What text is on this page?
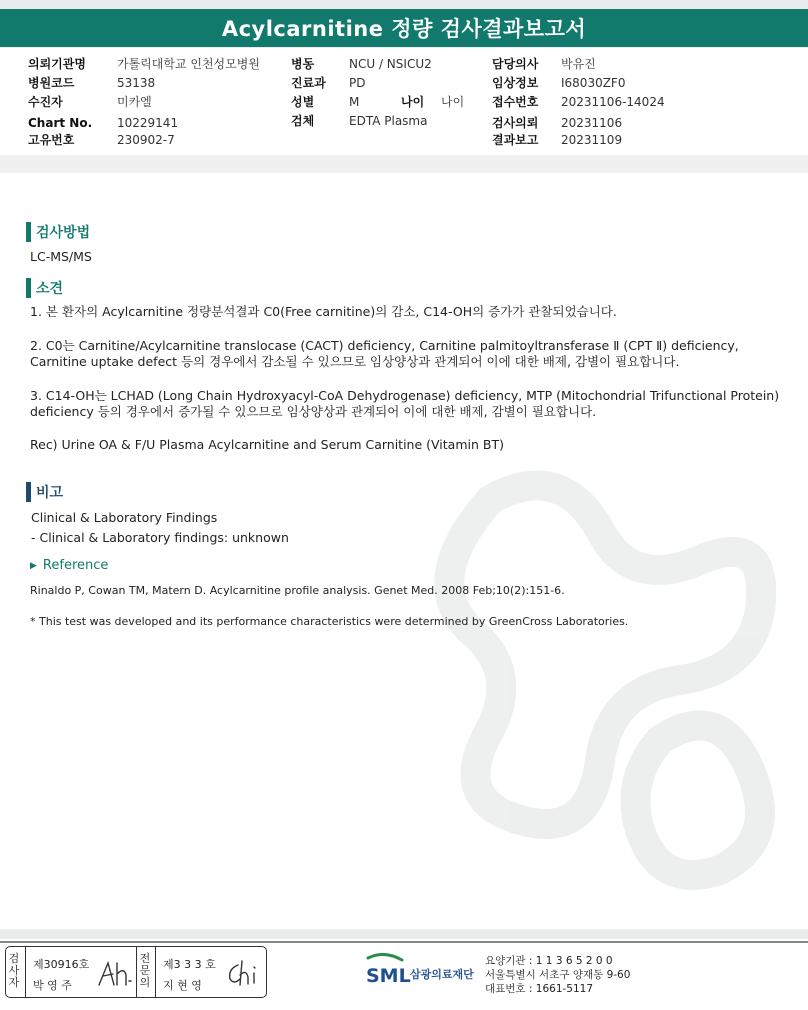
Acylcarnitine 정량 검사결과보고서
의뢰기관명	가톨릭대학교 인천성모병원
병원코드	53138
수진자	미카엘
Chart No. 10229141
고유번호	230902-7
병동	NCU / NSICU2
진료과 PD
성별	M	나이 나이
검체	EDTA Plasma
담당의사 박유진
임상정보 I68030ZF0
접수번호 20231106-14024
검사의뢰 20231106
결과보고 20231109
검사방법
LC-MS/MS
소견
1. 본 환자의 Acylcarnitine 정량분석결과 C0(Free carnitine)의 감소, C14-OH의 증가가 관찰되었습니다.
2. C0는 Carnitine/Acylcarnitine translocase (CACT) deficiency, Carnitine palmitoyltransferase Ⅱ (CPT Ⅱ) deficiency, Carnitine uptake defect 등의 경우에서 감소될 수 있으므로 임상양상과 관계되어 이에 대한 배제, 감별이 필요합니다.
3. C14-OH는 LCHAD (Long Chain Hydroxyacyl-CoA Dehydrogenase) deficiency, MTP (Mitochondrial Trifunctional Protein) deficiency 등의 경우에서 증가될 수 있으므로 임상양상과 관계되어 이에 대한 배제, 감별이 필요합니다.
Rec) Urine OA & F/U Plasma Acylcarnitine and Serum Carnitine (Vitamin BT)
비고
Clinical & Laboratory Findings
- Clinical & Laboratory findings: unknown
▶ Reference
Rinaldo P, Cowan TM, Matern D. Acylcarnitine profile analysis. Genet Med. 2008 Feb;10(2):151-6.
* This test was developed and its performance characteristics were determined by GreenCross Laboratories.
검사자
제30916호
박 영 주
전문의
제3 3 3 호
지 현 영	SML 삼광의료재단
요양기관 : 1 1 3 6 5 2 0 0
서울특별시 서초구 양재동 9-60
대표번호 : 1661-5117
